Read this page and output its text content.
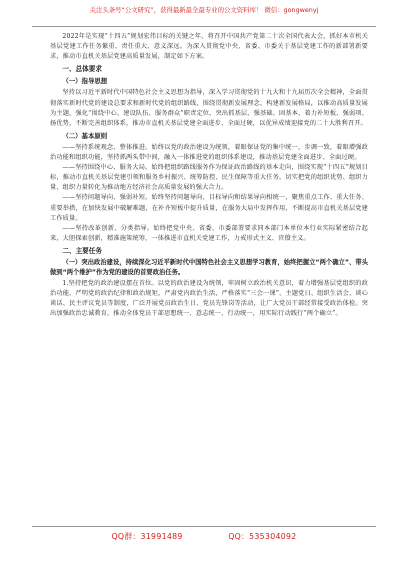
关注头条号“公文研究”，获得最新最全最专业的公文资料库！ 微信：gongwenyj

2022年是实现“十四五”规划宏伟目标的关键之年，将召开中国共产党第二十次全国代表大会，抓好本市机关基层党建工作任务繁重、责任重大、意义深远。为深入贯彻党中央、省委、市委关于基层党建工作的新部署新要求，推动市直机关基层党建高质量发展，制定如下方案。

一、总体要求

（一）指导思想

坚持以习近平新时代中国特色社会主义思想为指导，深入学习贯彻党的十九大和十九届历次全会精神，全面贯彻落实新时代党的建设总要求和新时代党的组织路线，围绕贯彻新发展理念、构建新发展格局，以推动高质量发展为主题，强化“围绕中心、建设队伍、服务群众”职责定位，突出抓基层、强基础、固基本，着力补短板、强弱项、扬优势，不断完善组织体系，推动市直机关基层党建全面进步、全面过硬，以优异成绩迎接党的二十大胜利召开。

（二）基本原则

——坚持系统观念、整体推进。始终以党的政治建设为统领，着眼保证党的集中统一，步调一致，着眼增强政治功能和组织功能，坚持抓两头带中间，融入一体推进党的组织体系建设，推动基层党建全面进步、全面过硬。

——坚持围绕中心、服务大局。始终把组织路线服务作为保证政治路线的基本走向，围绕实现“十四五”规划目标，推动市直机关基层党建引领和服务乡村振兴、统筹防控、民生保障等重大任务，切实把党的组织优势、组织力量、组织力量转化为推动地方经济社会高质量发展的强大合力。

——坚持问题导向、强弱补短。始终坚持问题导向、目标导向和结果导向相统一，聚焦重点工作、重大任务、重要举措，在加快发展中破解难题，在补齐短板中提升质量，在服务大局中发挥作用，不断提高市直机关基层党建工作质量。

——坚持改革创新、分类指导。始终把党中央、省委、市委部署要求同本部门本单位本行业实际紧密结合起来，大胆探索创新，精准施策统筹，一体推进市直机关党建工作，力戒形式主义、官僚主义。

二、主要任务

（一）突出政治建设，持续深化习近平新时代中国特色社会主义思想学习教育，始终把握立“两个确立”、带头做到“两个维护”作为党的建设的首要政治任务。

1.坚持把党的政治建设摆在首位。以党的政治建设为统领，牢固树立政治机关意识，着力增强基层党组织的政治功能，严明党的政治纪律和政治规矩，严肃党内政治生活，严格落实“三会一课”、主题党日、组织生活会、谈心谈话、民主评议党员等制度，广泛开展党员政治生日、党员先锋岗等活动，让广大党员干部经常接受政治体检。突出加强政治忠诚教育，推动全体党员干部思想统一、意志统一、行动统一，用实际行动践行“两个确立”。

QQ群：31991489	QQ：535304092
